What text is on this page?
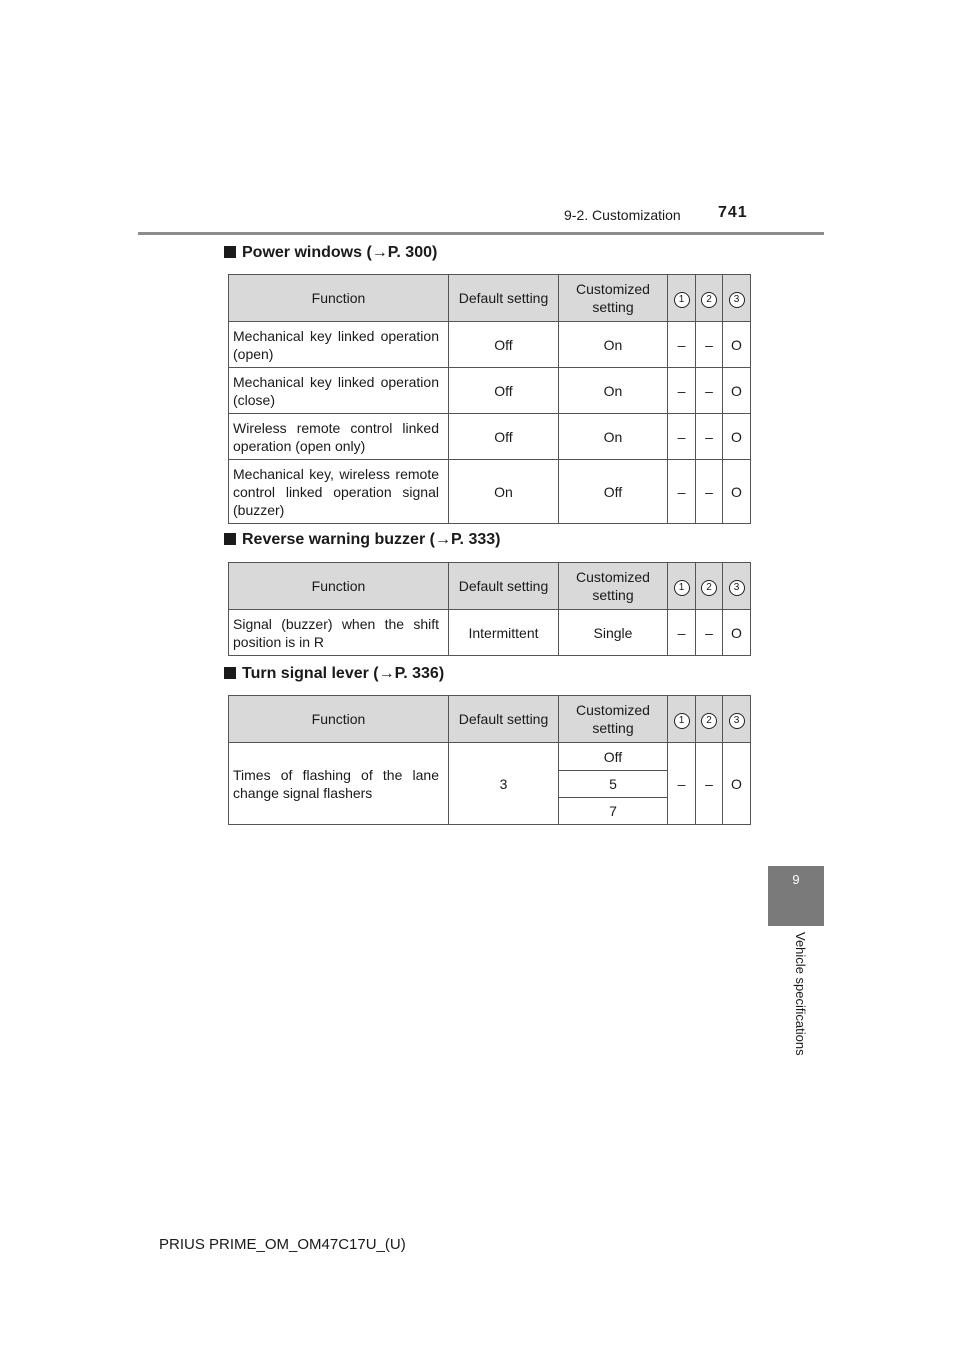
9-2. Customization 741
9
Vehicle specifications
Power windows (→P. 300)
Function	Default setting	Customized setting	1	2	3
Mechanical key linked operation (open)	Off	On	–	–	O
Mechanical key linked operation (close)	Off	On	–	–	O
Wireless remote control linked operation (open only)	Off	On	–	–	O
Mechanical key, wireless remote control linked operation signal (buzzer)	On	Off	–	–	O
Reverse warning buzzer (→P. 333)
Function	Default setting	Customized setting	1	2	3
Signal (buzzer) when the shift position is in R	Intermittent	Single	–	–	O
Turn signal lever (→P. 336)
Function	Default setting	Customized setting	1	2	3
Times of flashing of the lane change signal flashers	3	Off	–	–	O
		5			
		7			
PRIUS PRIME_OM_OM47C17U_(U)
